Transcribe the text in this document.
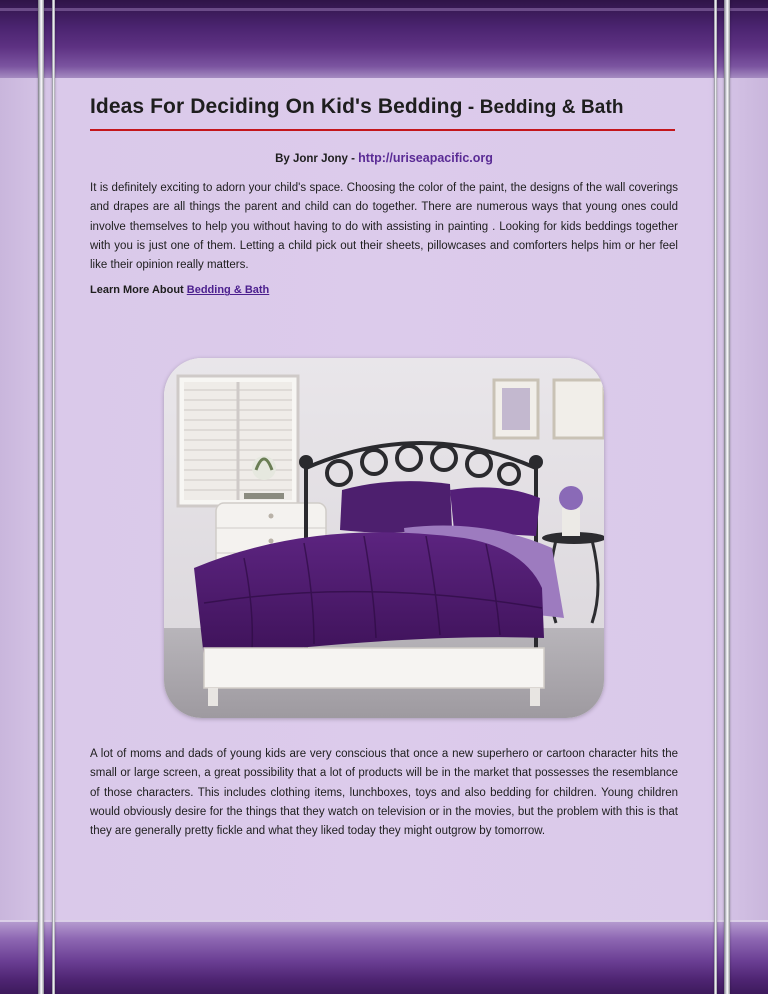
Ideas For Deciding On Kid's Bedding - Bedding & Bath

By Jonr Jony - http://uriseapacific.org

It is definitely exciting to adorn your child's space. Choosing the color of the paint, the designs of the wall coverings and drapes are all things the parent and child can do together. There are numerous ways that young ones could involve themselves to help you without having to do with assisting in painting . Looking for kids beddings together with you is just one of them. Letting a child pick out their sheets, pillowcases and comforters helps him or her feel like their opinion really matters.

Learn More About Bedding & Bath

A lot of moms and dads of young kids are very conscious that once a new superhero or cartoon character hits the small or large screen, a great possibility that a lot of products will be in the market that possesses the resemblance of those characters. This includes clothing items, lunchboxes, toys and also bedding for children. Young children would obviously desire for the things that they watch on television or in the movies, but the problem with this is that they are generally pretty fickle and what they liked today they might outgrow by tomorrow.
